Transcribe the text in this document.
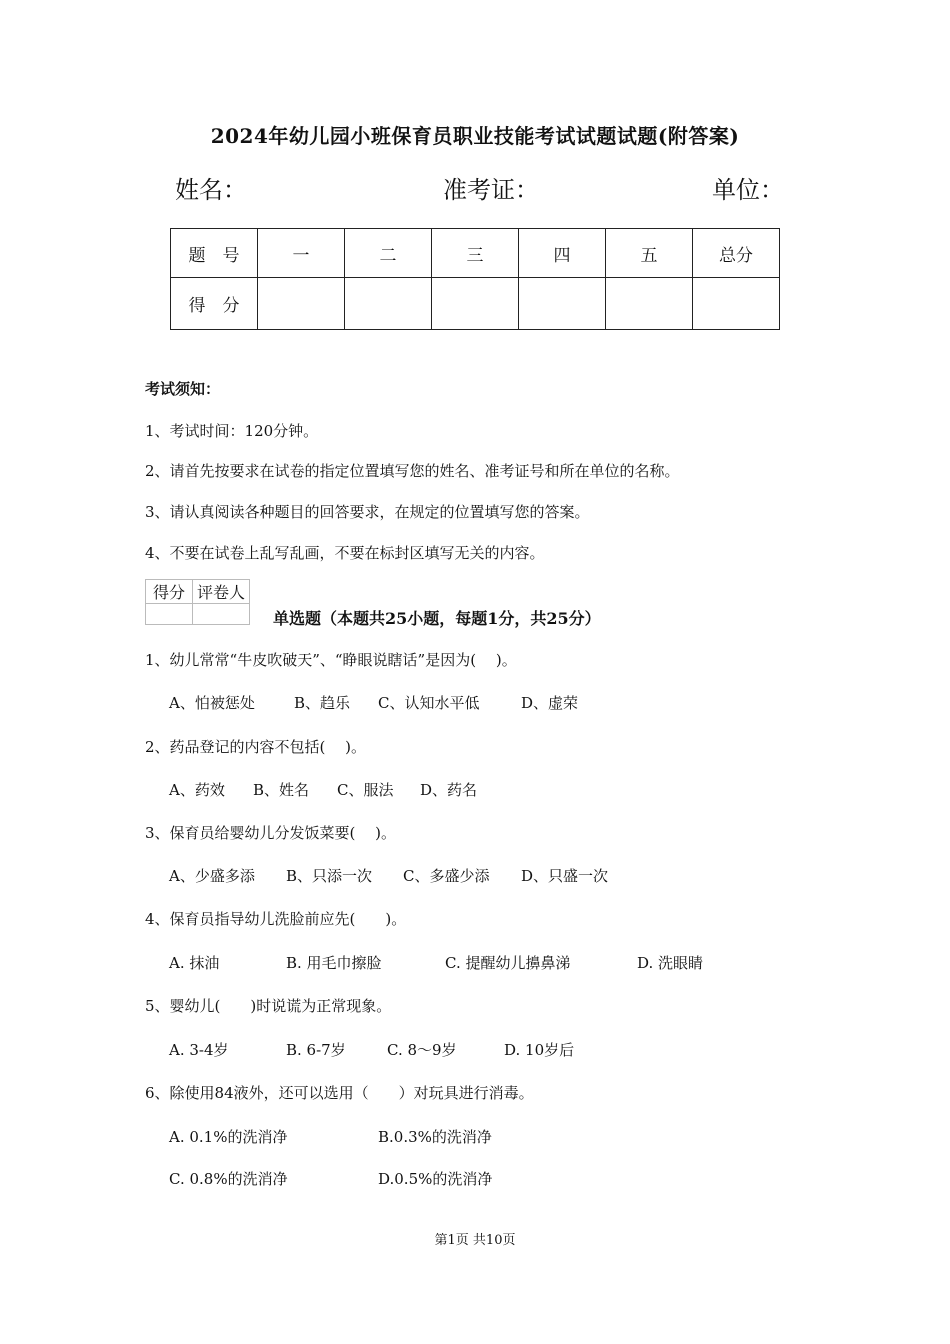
2024年幼儿园小班保育员职业技能考试试题试题(附答案)
姓名：	准考证：	单位：
题　号	一	二	三	四	五	总分
得　分						
考试须知：
1、考试时间：120分钟。
2、请首先按要求在试卷的指定位置填写您的姓名、准考证号和所在单位的名称。
3、请认真阅读各种题目的回答要求，在规定的位置填写您的答案。
4、不要在试卷上乱写乱画，不要在标封区填写无关的内容。
得分	评卷人

单选题（本题共25小题，每题1分，共25分）
1、幼儿常常“牛皮吹破天”、“睁眼说瞎话”是因为(　 )。
A、怕被惩处	B、趋乐 C、认知水平低	D、虚荣
2、药品登记的内容不包括(　 )。
A、药效 B、姓名 C、服法 D、药名
3、保育员给婴幼儿分发饭菜要(　 )。
A、少盛多添 B、只添一次 C、多盛少添 D、只盛一次
4、保育员指导幼儿洗脸前应先(　　)。
A. 抹油	B. 用毛巾擦脸	C. 提醒幼儿擤鼻涕	D. 洗眼睛
5、婴幼儿(　　)时说谎为正常现象。
A. 3-4岁	B. 6-7岁	C. 8～9岁	D. 10岁后
6、除使用84液外，还可以选用（　　）对玩具进行消毒。
A. 0.1%的洗消净	B.0.3%的洗消净
C. 0.8%的洗消净	D.0.5%的洗消净
第1页 共10页
